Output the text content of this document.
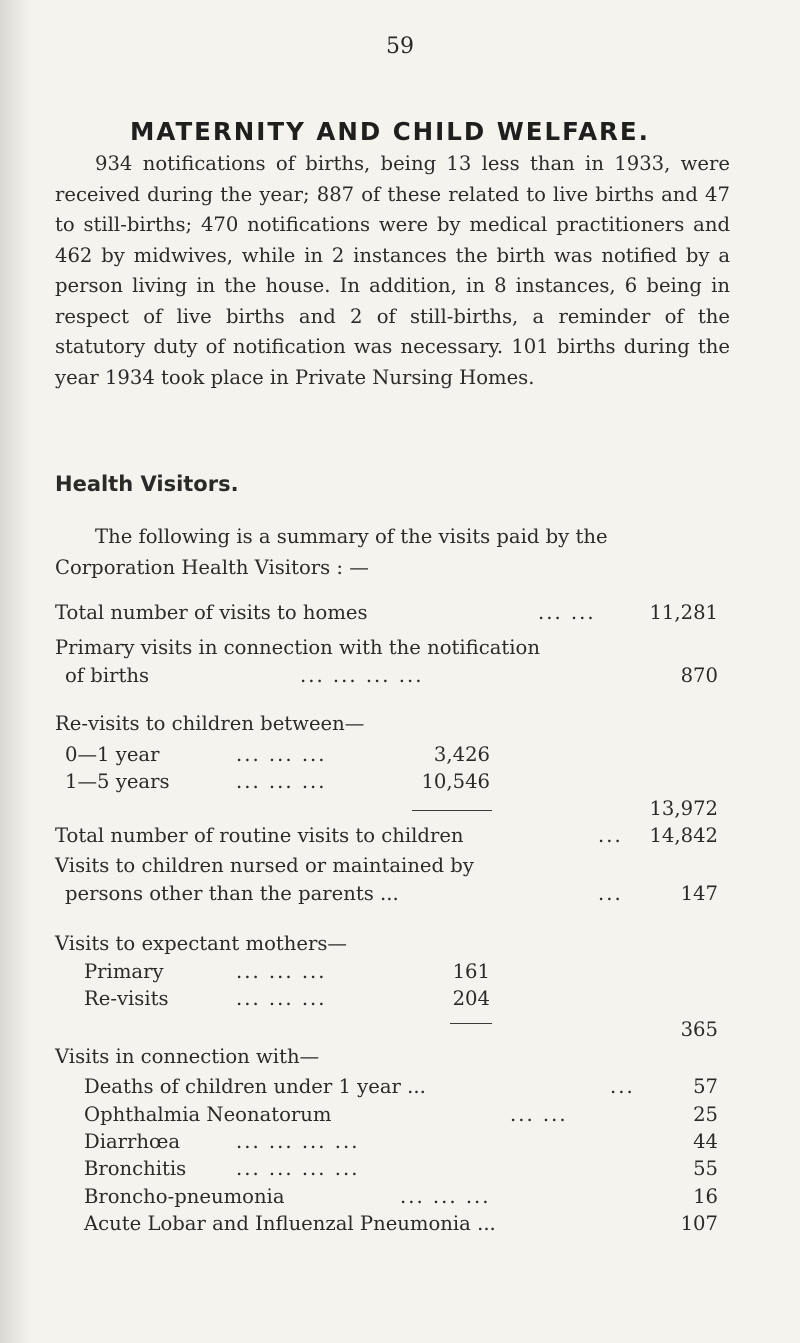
59
MATERNITY AND CHILD WELFARE.

934 notifications of births, being 13 less than in 1933, were received during the year; 887 of these related to live births and 47 to still-births; 470 notifications were by medical practitioners and 462 by midwives, while in 2 instances the birth was notified by a person living in the house. In addition, in 8 instances, 6 being in respect of live births and 2 of still-births, a reminder of the statutory duty of notification was necessary. 101 births during the year 1934 took place in Private Nursing Homes.

Health Visitors.

The following is a summary of the visits paid by the Corporation Health Visitors : —

Total number of visits to homes	... ...	11,281
Primary visits in connection with the notification
of births	... ... ... ...	870
Re-visits to children between—
0—1 year	... ... ...	3,426
1—5 years	... ... ...	10,546
13,972
Total number of routine visits to children	...	14,842
Visits to children nursed or maintained by
persons other than the parents ...	...	147
Visits to expectant mothers—
Primary	... ... ...	161
Re-visits	... ... ...	204
365
Visits in connection with—
Deaths of children under 1 year ...	...	57
Ophthalmia Neonatorum	... ...	25
Diarrhœa	... ... ... ...	44
Bronchitis	... ... ... ...	55
Broncho-pneumonia	... ... ...	16
Acute Lobar and Influenzal Pneumonia ...	107
